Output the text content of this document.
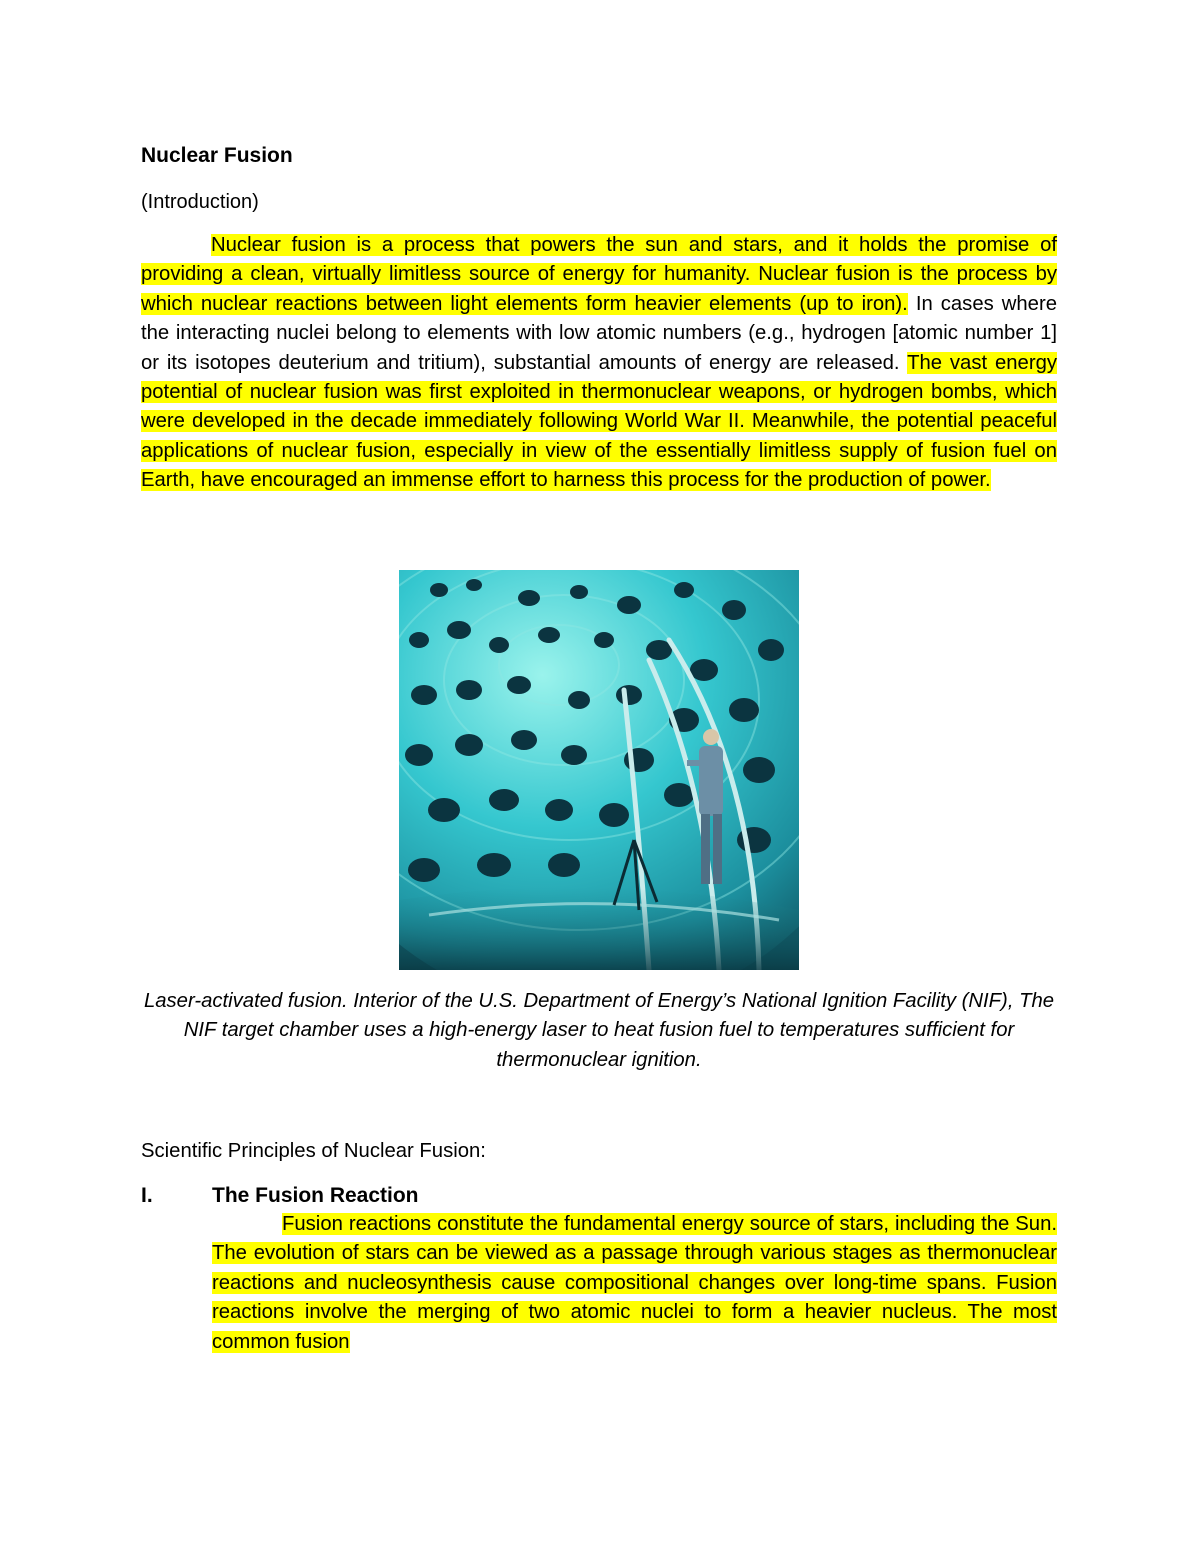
Nuclear Fusion
(Introduction)

Nuclear fusion is a process that powers the sun and stars, and it holds the promise of providing a clean, virtually limitless source of energy for humanity. Nuclear fusion is the process by which nuclear reactions between light elements form heavier elements (up to iron). In cases where the interacting nuclei belong to elements with low atomic numbers (e.g., hydrogen [atomic number 1] or its isotopes deuterium and tritium), substantial amounts of energy are released. The vast energy potential of nuclear fusion was first exploited in thermonuclear weapons, or hydrogen bombs, which were developed in the decade immediately following World War II. Meanwhile, the potential peaceful applications of nuclear fusion, especially in view of the essentially limitless supply of fusion fuel on Earth, have encouraged an immense effort to harness this process for the production of power.

Laser-activated fusion. Interior of the U.S. Department of Energy’s National Ignition Facility (NIF), The NIF target chamber uses a high-energy laser to heat fusion fuel to temperatures sufficient for thermonuclear ignition.
Scientific Principles of Nuclear Fusion:
I.	The Fusion Reaction

Fusion reactions constitute the fundamental energy source of stars, including the Sun. The evolution of stars can be viewed as a passage through various stages as thermonuclear reactions and nucleosynthesis cause compositional changes over long-time spans. Fusion reactions involve the merging of two atomic nuclei to form a heavier nucleus. The most common fusion
